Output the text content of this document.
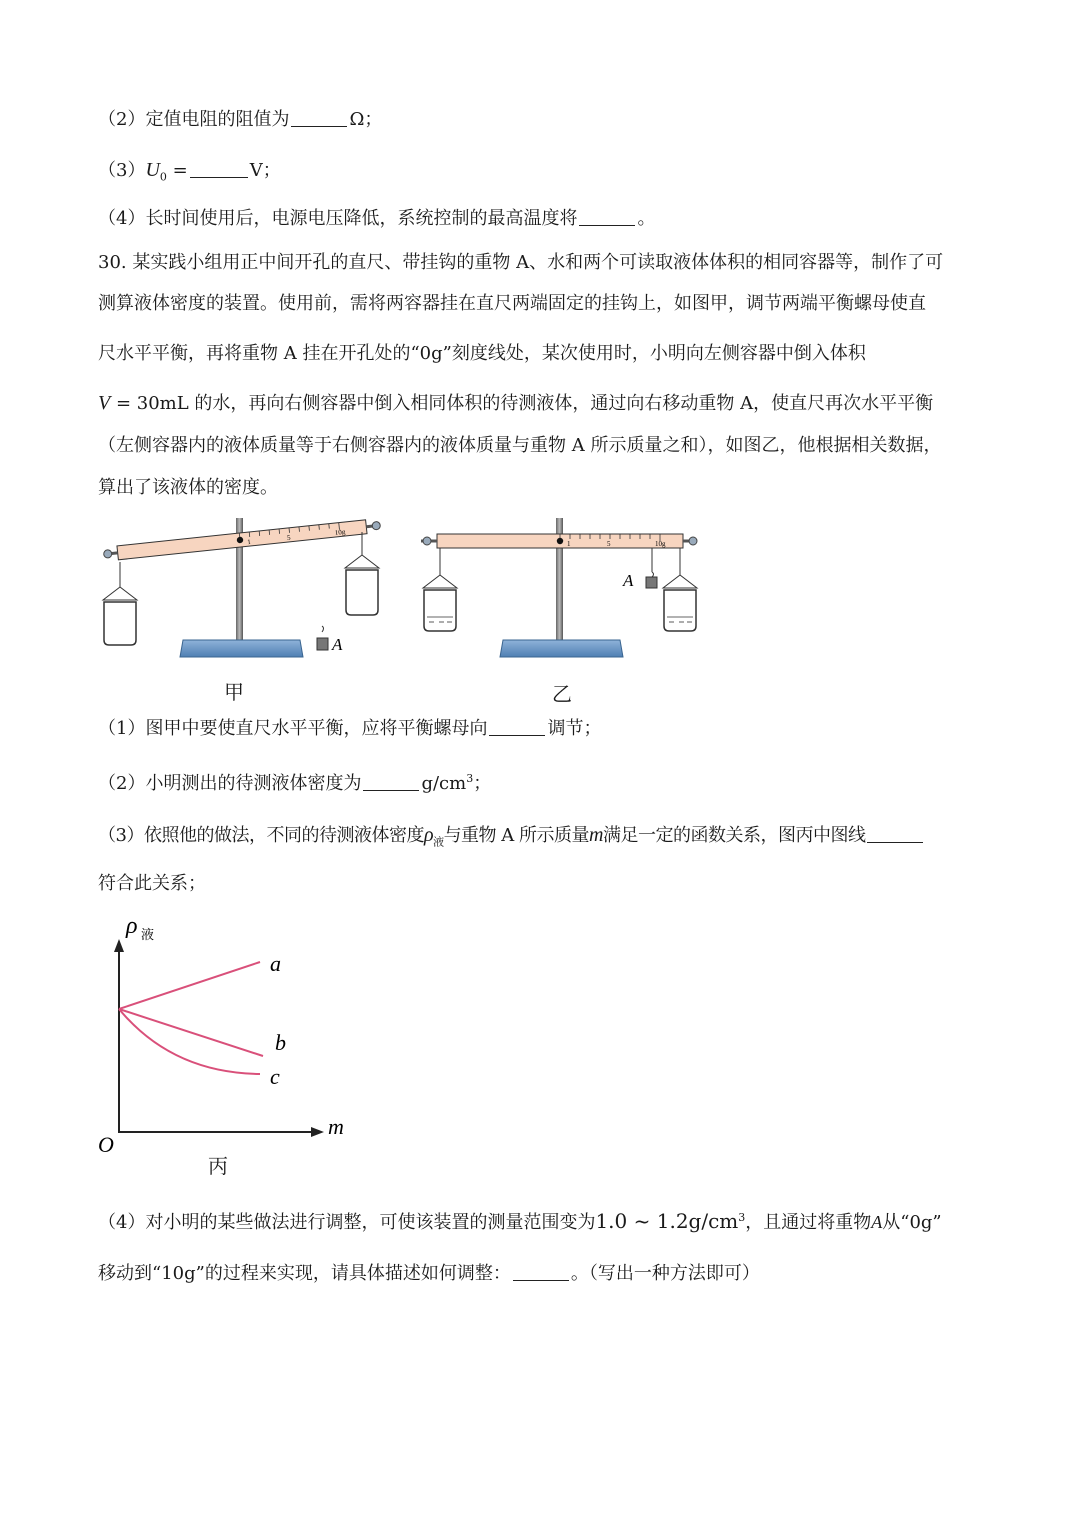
（2）定值电阻的阻值为	Ω；
$(3)U_0$ =	V；
（4）长时间使用后，电源电压降低，系统控制的最高温度将	。
30. 某实践小组用正中间开孔的直尺、带挂钩的重物 A、水和两个可读取液体体积的相同容器等，制作了可
测算液体密度的装置。使用前，需将两容器挂在直尺两端固定的挂钩上，如图甲，调节两端平衡螺母使直
尺水平平衡，再将重物 A 挂在开孔处的“0g”刻度线处，某次使用时，小明向左侧容器中倒入体积
V = 30mL 的水，再向右侧容器中倒入相同体积的待测液体，通过向右移动重物 A，使直尺再次水平平衡
（左侧容器内的液体质量等于右侧容器内的液体质量与重物 A 所示质量之和），如图乙，他根据相关数据，
算出了该液体的密度。
1
5
10g
A
1	5	10g
A
甲	乙
（1）图甲中要使直尺水平平衡，应将平衡螺母向	调节；
（2）小明测出的待测液体密度为	$g/cm^3$；
（3）依照他的做法，不同的待测液体密度$\rho_液$与重物 A 所示质量m满足一定的函数关系，图丙中图线
符合此关系；
ρ 液
m
O
a
b
c
丙
（4）对小明的某些做法进行调整，可使该装置的测量范围变为1.0 ~ $1.2g/cm^3$，且通过将重物A从“0g”
移动到“10g”的过程来实现，请具体描述如何调整：	。（写出一种方法即可）
